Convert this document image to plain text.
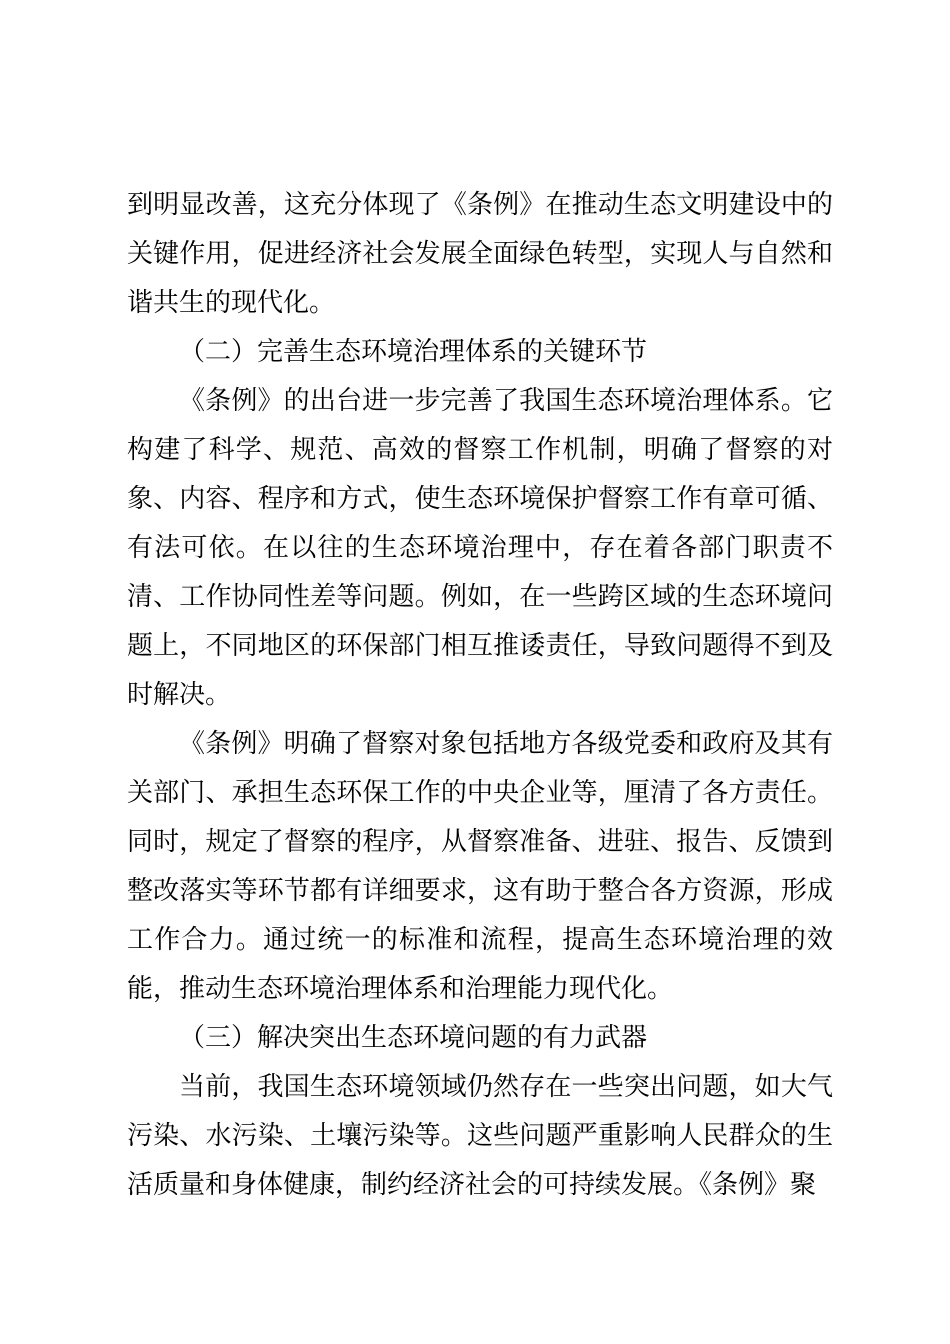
到明显改善，这充分体现了《条例》在推动生态文明建设中的关键作用，促进经济社会发展全面绿色转型，实现人与自然和谐共生的现代化。

（二）完善生态环境治理体系的关键环节

《条例》的出台进一步完善了我国生态环境治理体系。它构建了科学、规范、高效的督察工作机制，明确了督察的对象、内容、程序和方式，使生态环境保护督察工作有章可循、有法可依。在以往的生态环境治理中，存在着各部门职责不清、工作协同性差等问题。例如，在一些跨区域的生态环境问题上，不同地区的环保部门相互推诿责任，导致问题得不到及时解决。

《条例》明确了督察对象包括地方各级党委和政府及其有关部门、承担生态环保工作的中央企业等，厘清了各方责任。同时，规定了督察的程序，从督察准备、进驻、报告、反馈到整改落实等环节都有详细要求，这有助于整合各方资源，形成工作合力。通过统一的标准和流程，提高生态环境治理的效能，推动生态环境治理体系和治理能力现代化。

（三）解决突出生态环境问题的有力武器

当前，我国生态环境领域仍然存在一些突出问题，如大气污染、水污染、土壤污染等。这些问题严重影响人民群众的生活质量和身体健康，制约经济社会的可持续发展。《条例》聚
